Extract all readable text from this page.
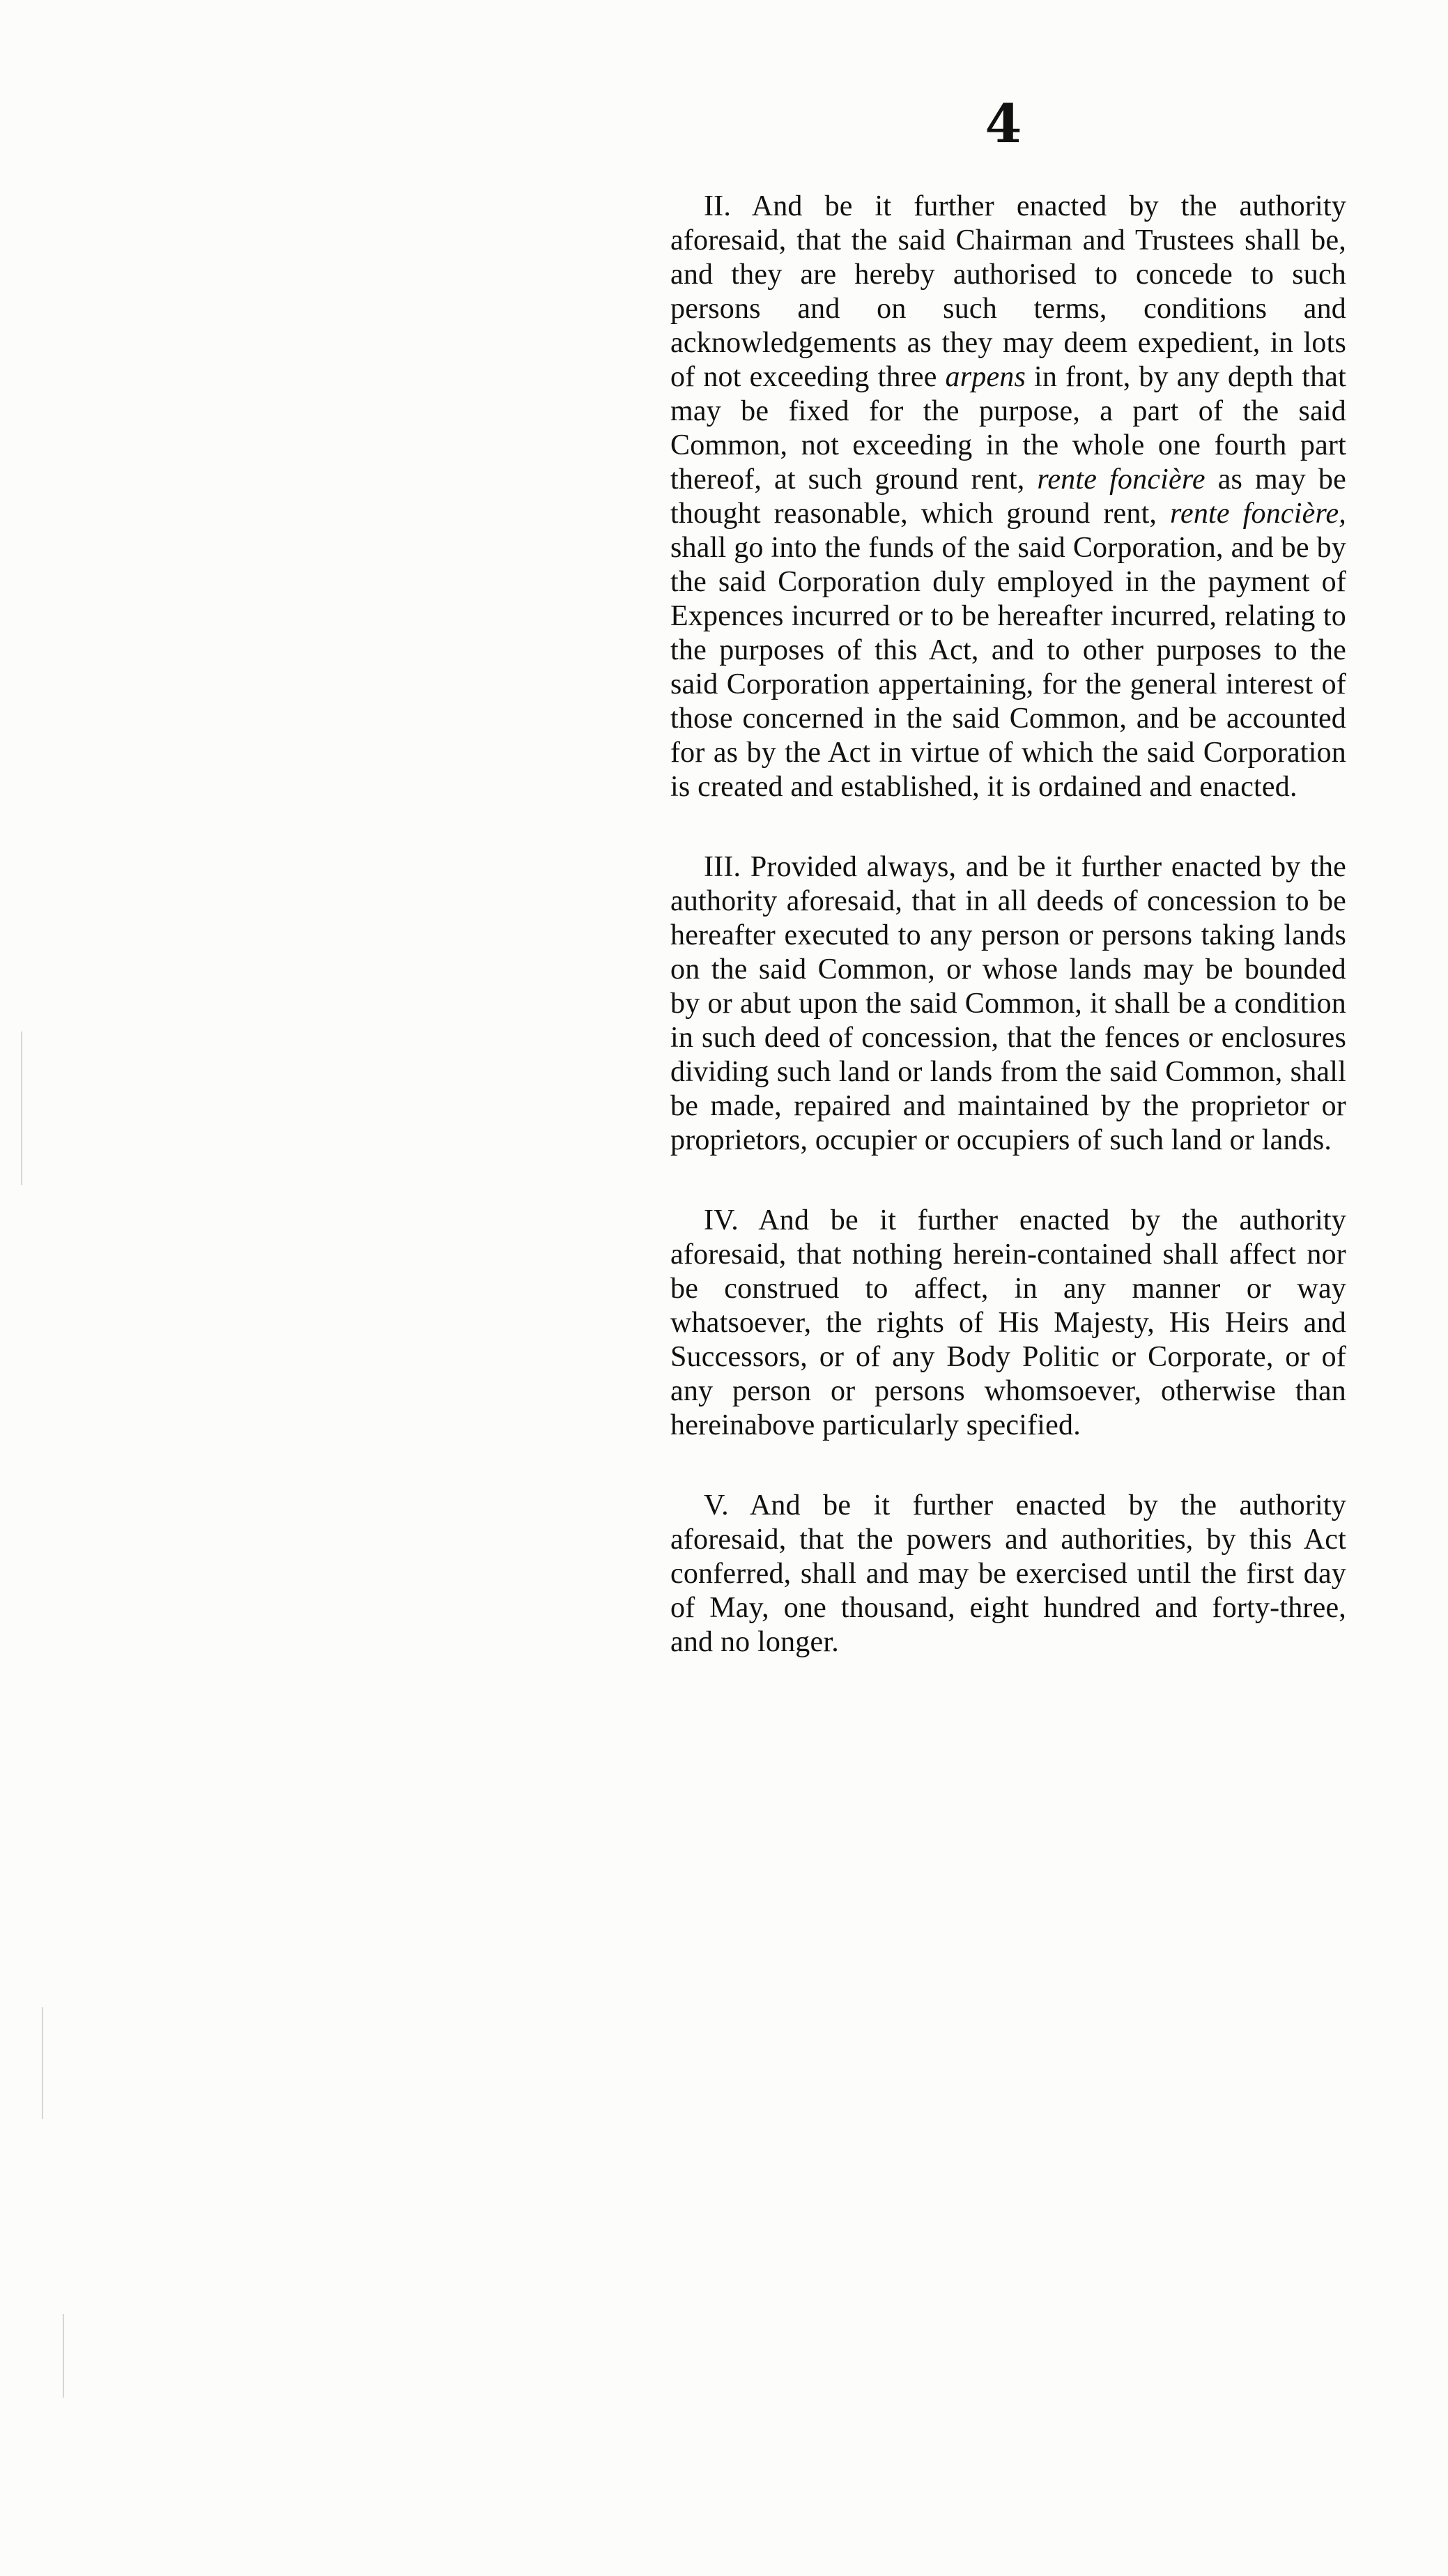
4

II. And be it further enacted by the authority aforesaid, that the said Chairman and Trustees shall be, and they are hereby authorised to concede to such persons and on such terms, conditions and acknowledgements as they may deem expedient, in lots of not exceeding three arpens in front, by any depth that may be fixed for the purpose, a part of the said Common, not exceeding in the whole one fourth part thereof, at such ground rent, rente foncière as may be thought reasonable, which ground rent, rente foncière, shall go into the funds of the said Corporation, and be by the said Corporation duly employed in the payment of Expences incurred or to be hereafter incurred, relating to the purposes of this Act, and to other purposes to the said Corporation appertaining, for the general interest of those concerned in the said Common, and be accounted for as by the Act in virtue of which the said Corporation is created and established, it is ordained and enacted.

III. Provided always, and be it further enacted by the authority aforesaid, that in all deeds of concession to be hereafter executed to any person or persons taking lands on the said Common, or whose lands may be bounded by or abut upon the said Common, it shall be a condition in such deed of concession, that the fences or enclosures dividing such land or lands from the said Common, shall be made, repaired and maintained by the proprietor or proprietors, occupier or occupiers of such land or lands.

IV. And be it further enacted by the authority aforesaid, that nothing herein-contained shall affect nor be construed to affect, in any manner or way whatsoever, the rights of His Majesty, His Heirs and Successors, or of any Body Politic or Corporate, or of any person or persons whomsoever, otherwise than hereinabove particularly specified.

V. And be it further enacted by the authority aforesaid, that the powers and authorities, by this Act conferred, shall and may be exercised until the first day of May, one thousand, eight hundred and forty-three, and no longer.
